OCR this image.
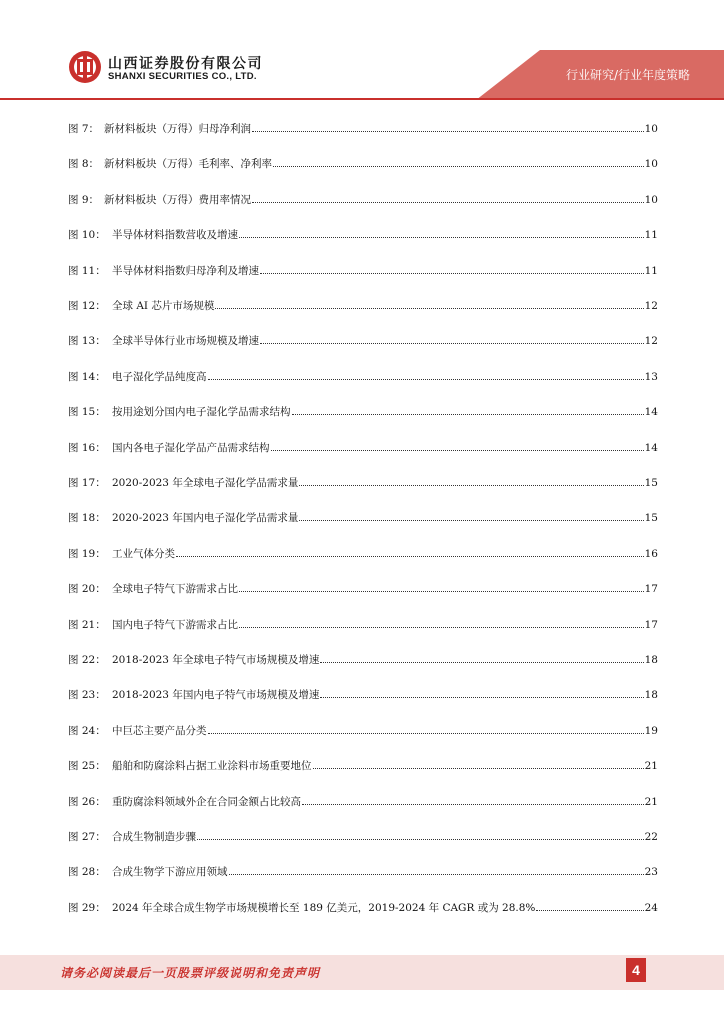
山西证券股份有限公司
SHANXI SECURITIES CO., LTD.	行业研究/行业年度策略
图 7： 新材料板块（万得）归母净利润	10
图 8： 新材料板块（万得）毛利率、净利率	10
图 9： 新材料板块（万得）费用率情况	10
图 10： 半导体材料指数营收及增速	11
图 11： 半导体材料指数归母净利及增速	11
图 12： 全球 AI 芯片市场规模	12
图 13： 全球半导体行业市场规模及增速	12
图 14： 电子湿化学品纯度高	13
图 15： 按用途划分国内电子湿化学品需求结构	14
图 16： 国内各电子湿化学品产品需求结构	14
图 17： 2020-2023 年全球电子湿化学品需求量	15
图 18： 2020-2023 年国内电子湿化学品需求量	15
图 19： 工业气体分类	16
图 20： 全球电子特气下游需求占比	17
图 21： 国内电子特气下游需求占比	17
图 22： 2018-2023 年全球电子特气市场规模及增速	18
图 23： 2018-2023 年国内电子特气市场规模及增速	18
图 24： 中巨芯主要产品分类	19
图 25： 船舶和防腐涂料占据工业涂料市场重要地位	21
图 26： 重防腐涂料领域外企在合同金额占比较高	21
图 27： 合成生物制造步骤	22
图 28： 合成生物学下游应用领域	23
图 29： 2024 年全球合成生物学市场规模增长至 189 亿美元，2019-2024 年 CAGR 或为 28.8%	24
请务必阅读最后一页股票评级说明和免责声明	4
